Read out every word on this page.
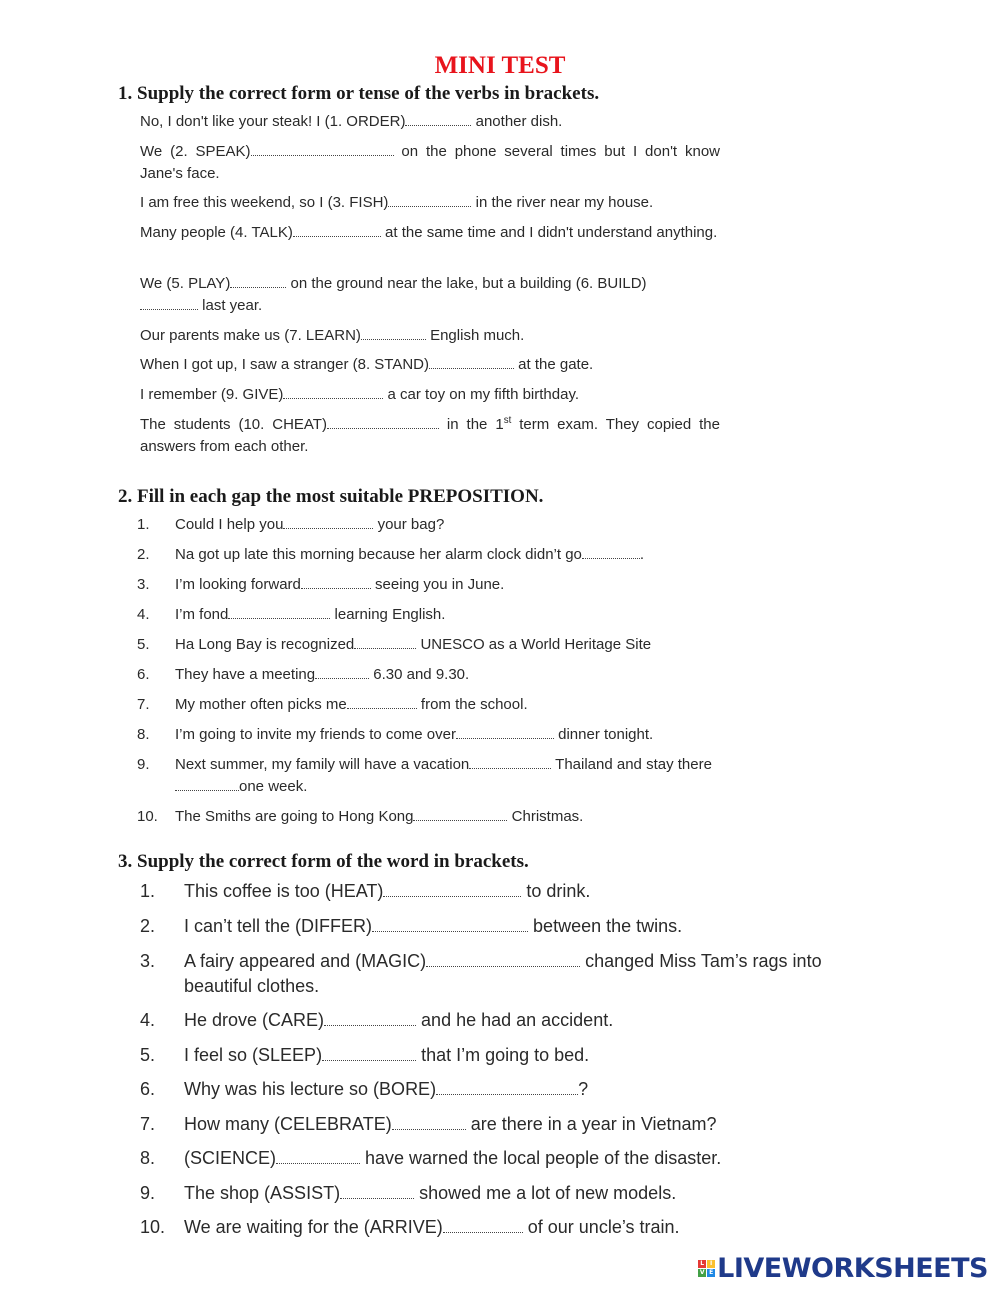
MINI TEST
1. Supply the correct form or tense of the verbs in brackets.
No, I don't like your steak! I (1. ORDER)	another dish.
We (2. SPEAK)	on the phone several times but I don't know Jane's face.
I am free this weekend, so I (3. FISH)	in the river near my house.
Many people (4. TALK)	at the same time and I didn't understand anything.
We (5. PLAY)	on the ground near the lake, but a building (6. BUILD)
last year.
Our parents make us (7. LEARN)	English much.
When I got up, I saw a stranger (8. STAND)	at the gate.
I remember (9. GIVE)	a car toy on my fifth birthday.
The students (10. CHEAT)	in the 1st term exam. They copied the answers from each other.
2. Fill in each gap the most suitable PREPOSITION.
1. Could I help you	your bag?
2. Na got up late this morning because her alarm clock didn’t go	.
3. I’m looking forward	seeing you in June.
4. I’m fond	learning English.
5. Ha Long Bay is recognized	UNESCO as a World Heritage Site
6. They have a meeting	6.30 and 9.30.
7. My mother often picks me	from the school.
8. I’m going to invite my friends to come over	dinner tonight.
9. Next summer, my family will have a vacation	Thailand and stay there
one week.
10. The Smiths are going to Hong Kong	Christmas.
3. Supply the correct form of the word in brackets.
1. This coffee is too (HEAT)	to drink.
2. I can’t tell the (DIFFER)	between the twins.
3. A fairy appeared and (MAGIC)	changed Miss Tam’s rags into beautiful clothes.
4. He drove (CARE)	and he had an accident.
5. I feel so (SLEEP)	that I’m going to bed.
6. Why was his lecture so (BORE)	?
7. How many (CELEBRATE)	are there in a year in Vietnam?
8. (SCIENCE)	have warned the local people of the disaster.
9. The shop (ASSIST)	showed me a lot of new models.
10. We are waiting for the (ARRIVE)	of our uncle’s train.
L I
V E LIVEWORKSHEETS
